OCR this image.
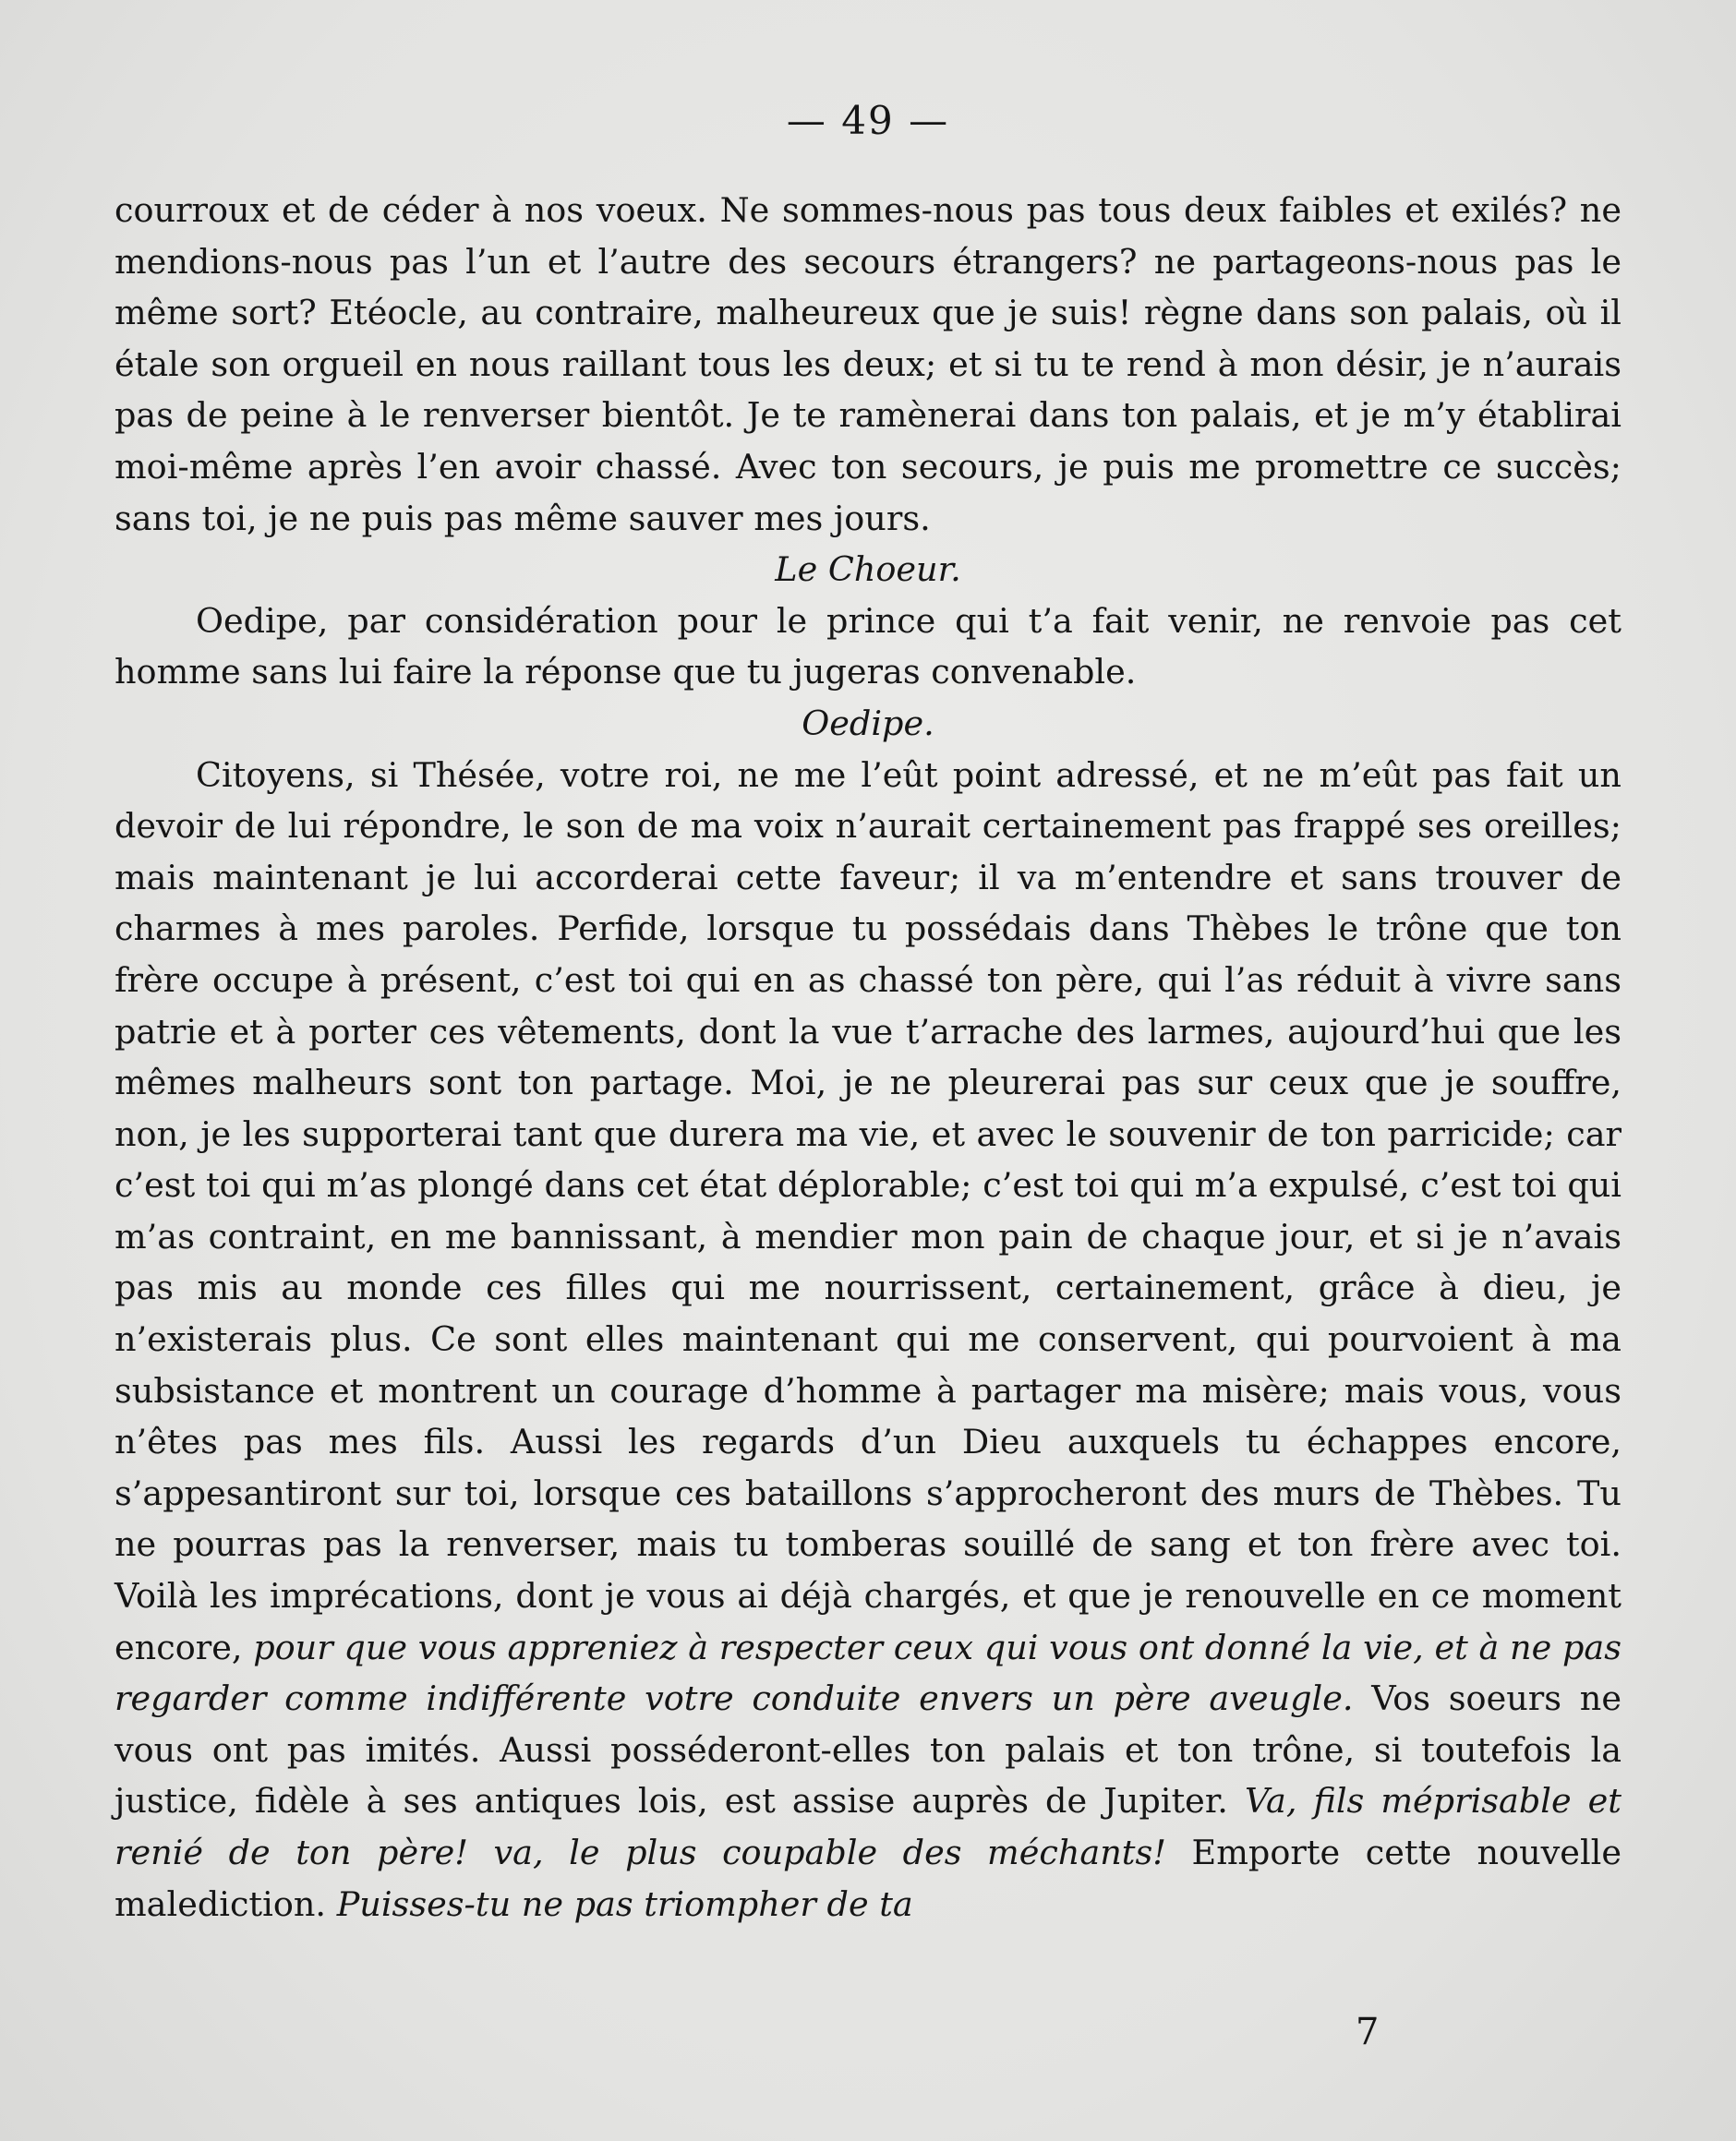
— 49 —

courroux et de céder à nos voeux. Ne sommes-nous pas tous deux faibles et exilés? ne mendions-nous pas l’un et l’autre des secours étrangers? ne partageons-nous pas le même sort? Etéocle, au contraire, malheureux que je suis! règne dans son palais, où il étale son orgueil en nous raillant tous les deux; et si tu te rend à mon désir, je n’aurais pas de peine à le renverser bientôt. Je te ramènerai dans ton palais, et je m’y établirai moi-même après l’en avoir chassé. Avec ton secours, je puis me promettre ce succès; sans toi, je ne puis pas même sauver mes jours.

Le Choeur.

Oedipe, par considération pour le prince qui t’a fait venir, ne renvoie pas cet homme sans lui faire la réponse que tu jugeras convenable.

Oedipe.

Citoyens, si Thésée, votre roi, ne me l’eût point adressé, et ne m’eût pas fait un devoir de lui répondre, le son de ma voix n’aurait certainement pas frappé ses oreilles; mais maintenant je lui accorderai cette faveur; il va m’entendre et sans trouver de charmes à mes paroles. Perfide, lorsque tu possédais dans Thèbes le trône que ton frère occupe à présent, c’est toi qui en as chassé ton père, qui l’as réduit à vivre sans patrie et à porter ces vêtements, dont la vue t’arrache des larmes, aujourd’hui que les mêmes malheurs sont ton partage. Moi, je ne pleurerai pas sur ceux que je souffre, non, je les supporterai tant que durera ma vie, et avec le souvenir de ton parricide; car c’est toi qui m’as plongé dans cet état déplorable; c’est toi qui m’a expulsé, c’est toi qui m’as contraint, en me bannissant, à mendier mon pain de chaque jour, et si je n’avais pas mis au monde ces filles qui me nourrissent, certainement, grâce à dieu, je n’existerais plus. Ce sont elles maintenant qui me conservent, qui pourvoient à ma subsistance et montrent un courage d’homme à partager ma misère; mais vous, vous n’êtes pas mes fils. Aussi les regards d’un Dieu auxquels tu échappes encore, s’appesantiront sur toi, lorsque ces bataillons s’approcheront des murs de Thèbes. Tu ne pourras pas la renverser, mais tu tomberas souillé de sang et ton frère avec toi. Voilà les imprécations, dont je vous ai déjà chargés, et que je renouvelle en ce moment encore, pour que vous appreniez à respecter ceux qui vous ont donné la vie, et à ne pas regarder comme indifférente votre conduite envers un père aveugle. Vos soeurs ne vous ont pas imités. Aussi posséderont-elles ton palais et ton trône, si toutefois la justice, fidèle à ses antiques lois, est assise auprès de Jupiter. Va, fils méprisable et renié de ton père! va, le plus coupable des méchants! Emporte cette nouvelle malediction. Puisses-tu ne pas triompher de ta

7
